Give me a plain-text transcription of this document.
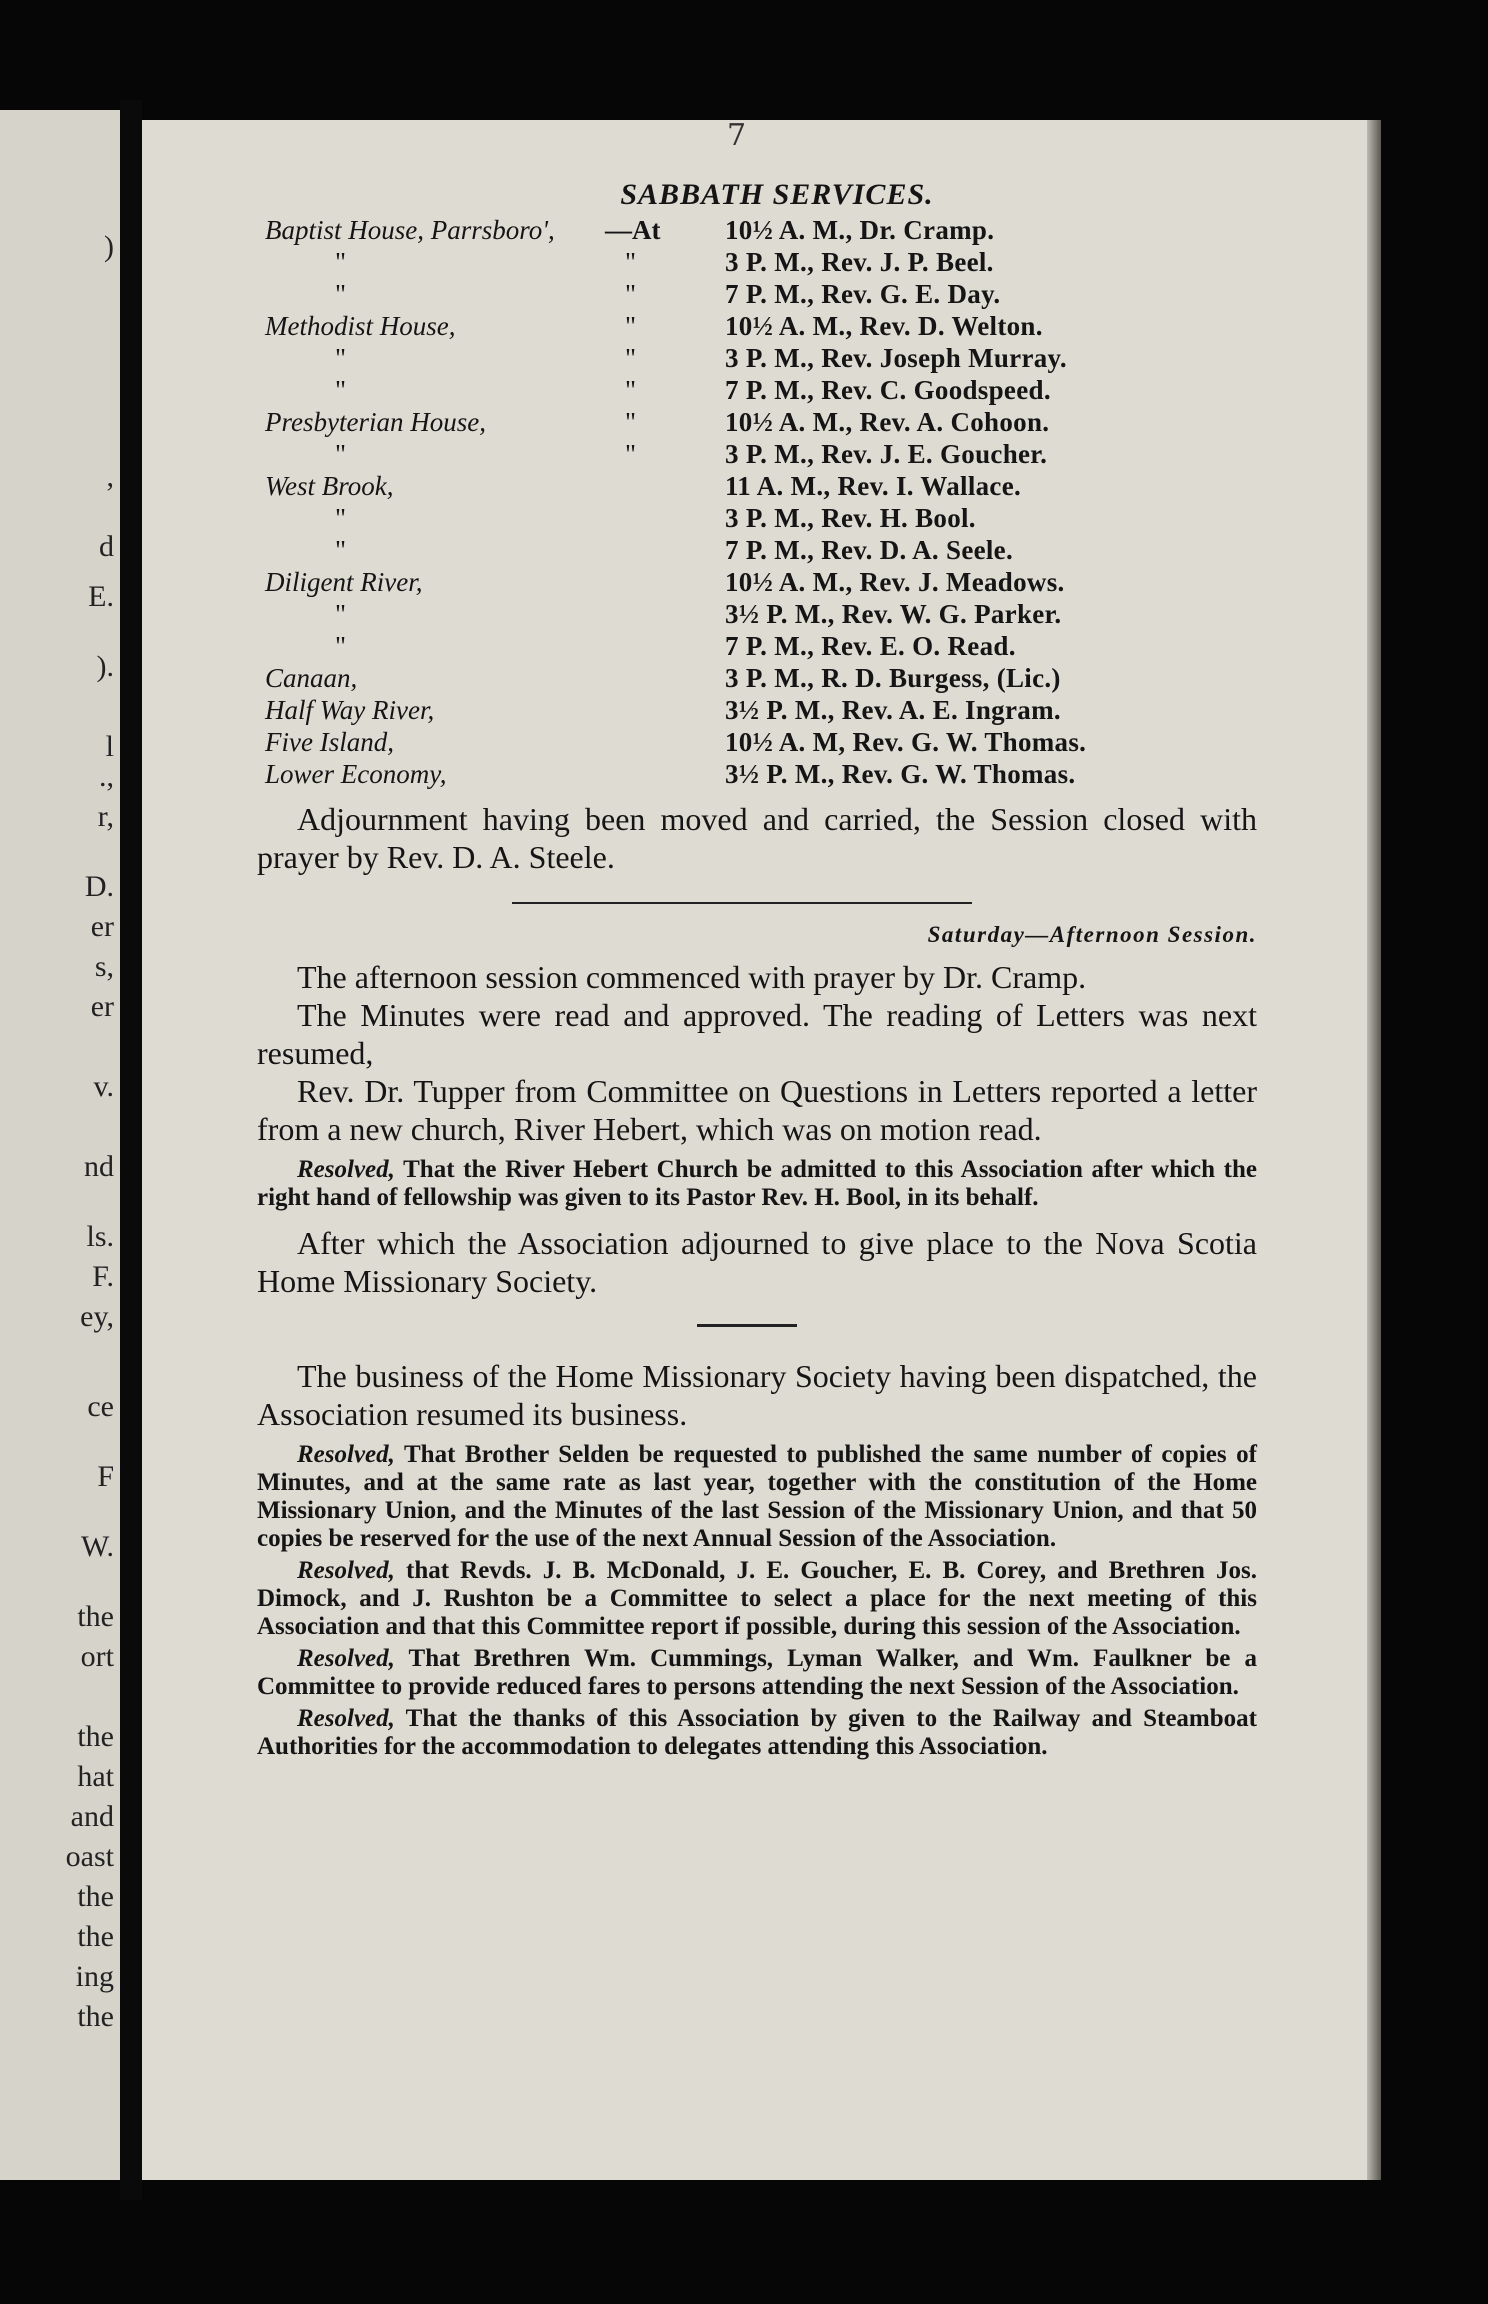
)
,
d
E.
).
l
.,
r,
D.
er
s,
er
v.
nd
ls.
F.
ey,
ce
F
W.
the
ort
the
hat
and
oast
the
the
ing
the
7
SABBATH SERVICES.
Baptist House, Parrsboro',	—At	10½ A. M., Dr. Cramp.
"	"	3 P. M., Rev. J. P. Beel.
"	"	7 P. M., Rev. G. E. Day.
Methodist House,	"	10½ A. M., Rev. D. Welton.
"	"	3 P. M., Rev. Joseph Murray.
"	"	7 P. M., Rev. C. Goodspeed.
Presbyterian House,	"	10½ A. M., Rev. A. Cohoon.
"	"	3 P. M., Rev. J. E. Goucher.
West Brook,		11 A. M., Rev. I. Wallace.
"		3 P. M., Rev. H. Bool.
"		7 P. M., Rev. D. A. Seele.
Diligent River,		10½ A. M., Rev. J. Meadows.
"		3½ P. M., Rev. W. G. Parker.
"		7 P. M., Rev. E. O. Read.
Canaan,		3 P. M., R. D. Burgess, (Lic.)
Half Way River,		3½ P. M., Rev. A. E. Ingram.
Five Island,		10½ A. M, Rev. G. W. Thomas.
Lower Economy,		3½ P. M., Rev. G. W. Thomas.

Adjournment having been moved and carried, the Session closed with prayer by Rev. D. A. Steele.

Saturday—Afternoon Session.

The afternoon session commenced with prayer by Dr. Cramp.

The Minutes were read and approved. The reading of Letters was next resumed,

Rev. Dr. Tupper from Committee on Questions in Letters reported a letter from a new church, River Hebert, which was on motion read.

Resolved, That the River Hebert Church be admitted to this Association after which the right hand of fellowship was given to its Pastor Rev. H. Bool, in its behalf.

After which the Association adjourned to give place to the Nova Scotia Home Missionary Society.

The business of the Home Missionary Society having been dispatched, the Association resumed its business.

Resolved, That Brother Selden be requested to published the same number of copies of Minutes, and at the same rate as last year, together with the constitution of the Home Missionary Union, and the Minutes of the last Session of the Missionary Union, and that 50 copies be reserved for the use of the next Annual Session of the Association.

Resolved, that Revds. J. B. McDonald, J. E. Goucher, E. B. Corey, and Brethren Jos. Dimock, and J. Rushton be a Committee to select a place for the next meeting of this Association and that this Committee report if possible, during this session of the Association.

Resolved, That Brethren Wm. Cummings, Lyman Walker, and Wm. Faulkner be a Committee to provide reduced fares to persons attending the next Session of the Association.

Resolved, That the thanks of this Association by given to the Railway and Steamboat Authorities for the accommodation to delegates attending this Association.
